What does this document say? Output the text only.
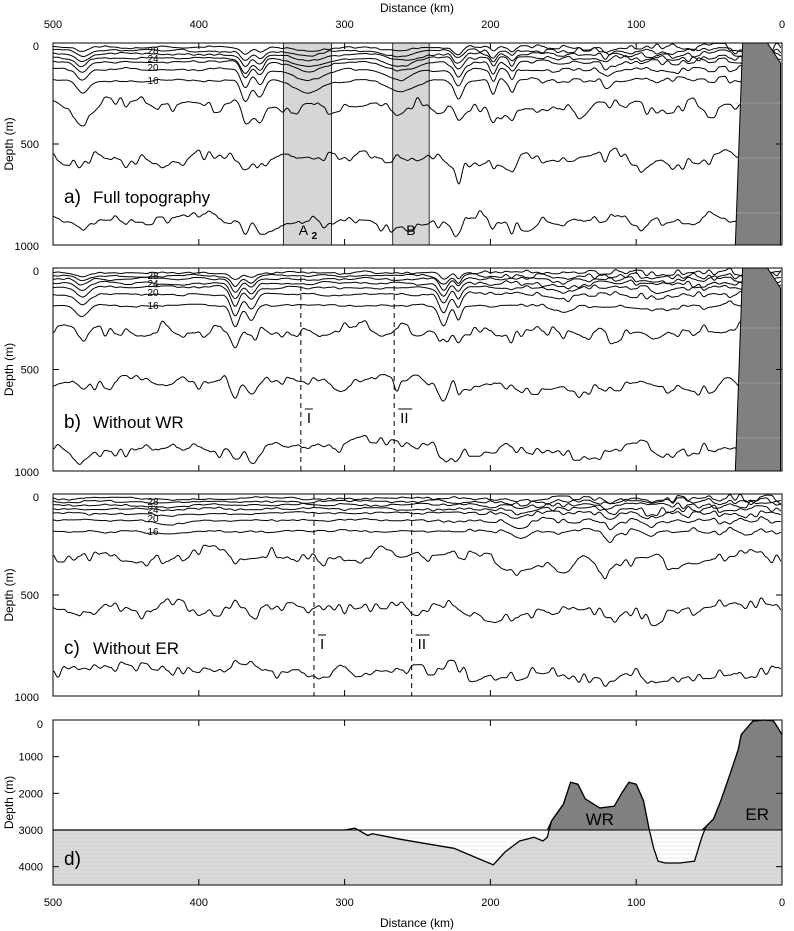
Distance (km)
28
24
20
16
A 2	B
0
500
1000
Depth (m)
a) Full topography
28
24
20
16
I	II
0
500
1000
Depth (m)
b) Without WR
28
24
20
16
I	II
0
500
1000
Depth (m)
c) Without ER
500	400	300	200	100	0
WR	ER
500	400	300	200	100	0
0
1000
2000
3000
4000
Depth (m)
d)
Distance (km)
